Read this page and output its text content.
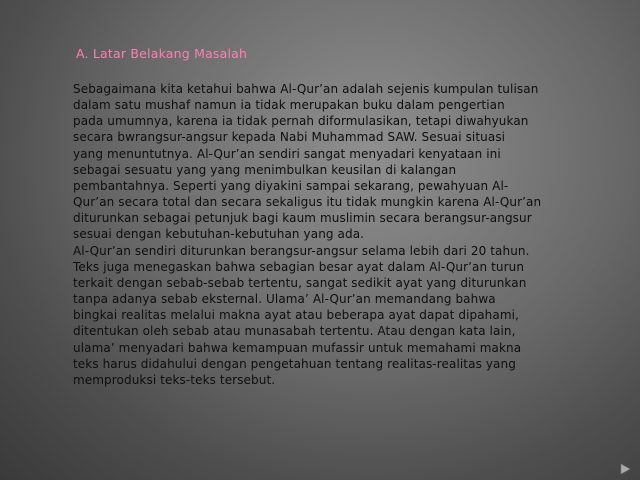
A. Latar Belakang Masalah
Sebagaimana kita ketahui bahwa Al-Qur’an adalah sejenis kumpulan tulisan
dalam satu mushaf namun ia tidak merupakan buku dalam pengertian
pada umumnya, karena ia tidak pernah diformulasikan, tetapi diwahyukan
secara bwrangsur-angsur kepada Nabi Muhammad SAW. Sesuai situasi
yang menuntutnya. Al-Qur’an sendiri sangat menyadari kenyataan ini
sebagai sesuatu yang yang menimbulkan keusilan di kalangan
pembantahnya. Seperti yang diyakini sampai sekarang, pewahyuan Al-
Qur’an secara total dan secara sekaligus itu tidak mungkin karena Al-Qur’an
diturunkan sebagai petunjuk bagi kaum muslimin secara berangsur-angsur
sesuai dengan kebutuhan-kebutuhan yang ada.
Al-Qur’an sendiri diturunkan berangsur-angsur selama lebih dari 20 tahun.
Teks juga menegaskan bahwa sebagian besar ayat dalam Al-Qur’an turun
terkait dengan sebab-sebab tertentu, sangat sedikit ayat yang diturunkan
tanpa adanya sebab eksternal. Ulama’ Al-Qur’an memandang bahwa
bingkai realitas melalui makna ayat atau beberapa ayat dapat dipahami,
ditentukan oleh sebab atau munasabah tertentu. Atau dengan kata lain,
ulama’ menyadari bahwa kemampuan mufassir untuk memahami makna
teks harus didahului dengan pengetahuan tentang realitas-realitas yang
memproduksi teks-teks tersebut.
